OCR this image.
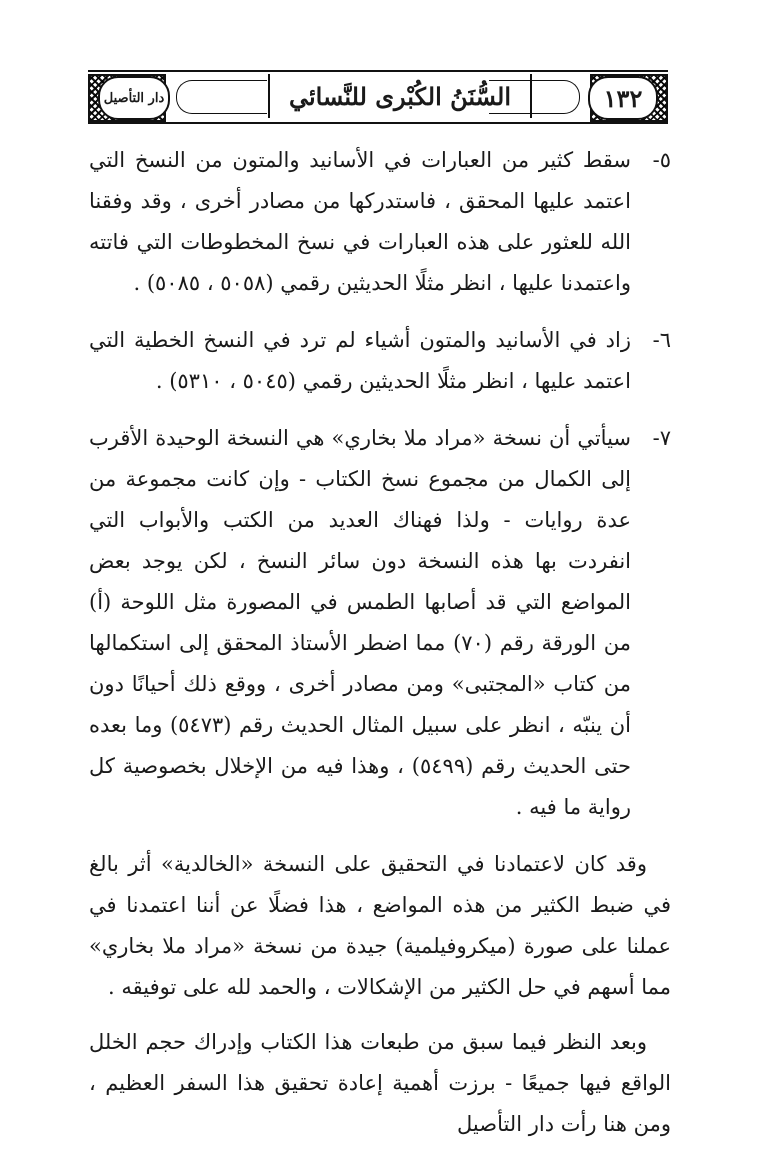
دار التأصيل	السُّنَنُ الكُبْرى للنَّسائي	١٣٢
٥-

سقط كثير من العبارات في الأسانيد والمتون من النسخ التي اعتمد عليها المحقق ، فاستدركها من مصادر أخرى ، وقد وفقنا الله للعثور على هذه العبارات في نسخ المخطوطات التي فاتته واعتمدنا عليها ، انظر مثلًا الحديثين رقمي (٥٠٥٨ ، ٥٠٨٥) .

٦-

زاد في الأسانيد والمتون أشياء لم ترد في النسخ الخطية التي اعتمد عليها ، انظر مثلًا الحديثين رقمي (٥٠٤٥ ، ٥٣١٠) .

٧-

سيأتي أن نسخة «مراد ملا بخاري» هي النسخة الوحيدة الأقرب إلى الكمال من مجموع نسخ الكتاب - وإن كانت مجموعة من عدة روايات - ولذا فهناك العديد من الكتب والأبواب التي انفردت بها هذه النسخة دون سائر النسخ ، لكن يوجد بعض المواضع التي قد أصابها الطمس في المصورة مثل اللوحة (أ) من الورقة رقم (٧٠) مما اضطر الأستاذ المحقق إلى استكمالها من كتاب «المجتبى» ومن مصادر أخرى ، ووقع ذلك أحيانًا دون أن ينبّه ، انظر على سبيل المثال الحديث رقم (٥٤٧٣) وما بعده حتى الحديث رقم (٥٤٩٩) ، وهذا فيه من الإخلال بخصوصية كل رواية ما فيه .

وقد كان لاعتمادنا في التحقيق على النسخة «الخالدية» أثر بالغ في ضبط الكثير من هذه المواضع ، هذا فضلًا عن أننا اعتمدنا في عملنا على صورة (ميكروفيلمية) جيدة من نسخة «مراد ملا بخاري» مما أسهم في حل الكثير من الإشكالات ، والحمد لله على توفيقه .

وبعد النظر فيما سبق من طبعات هذا الكتاب وإدراك حجم الخلل الواقع فيها جميعًا - برزت أهمية إعادة تحقيق هذا السفر العظيم ، ومن هنا رأت دار التأصيل
